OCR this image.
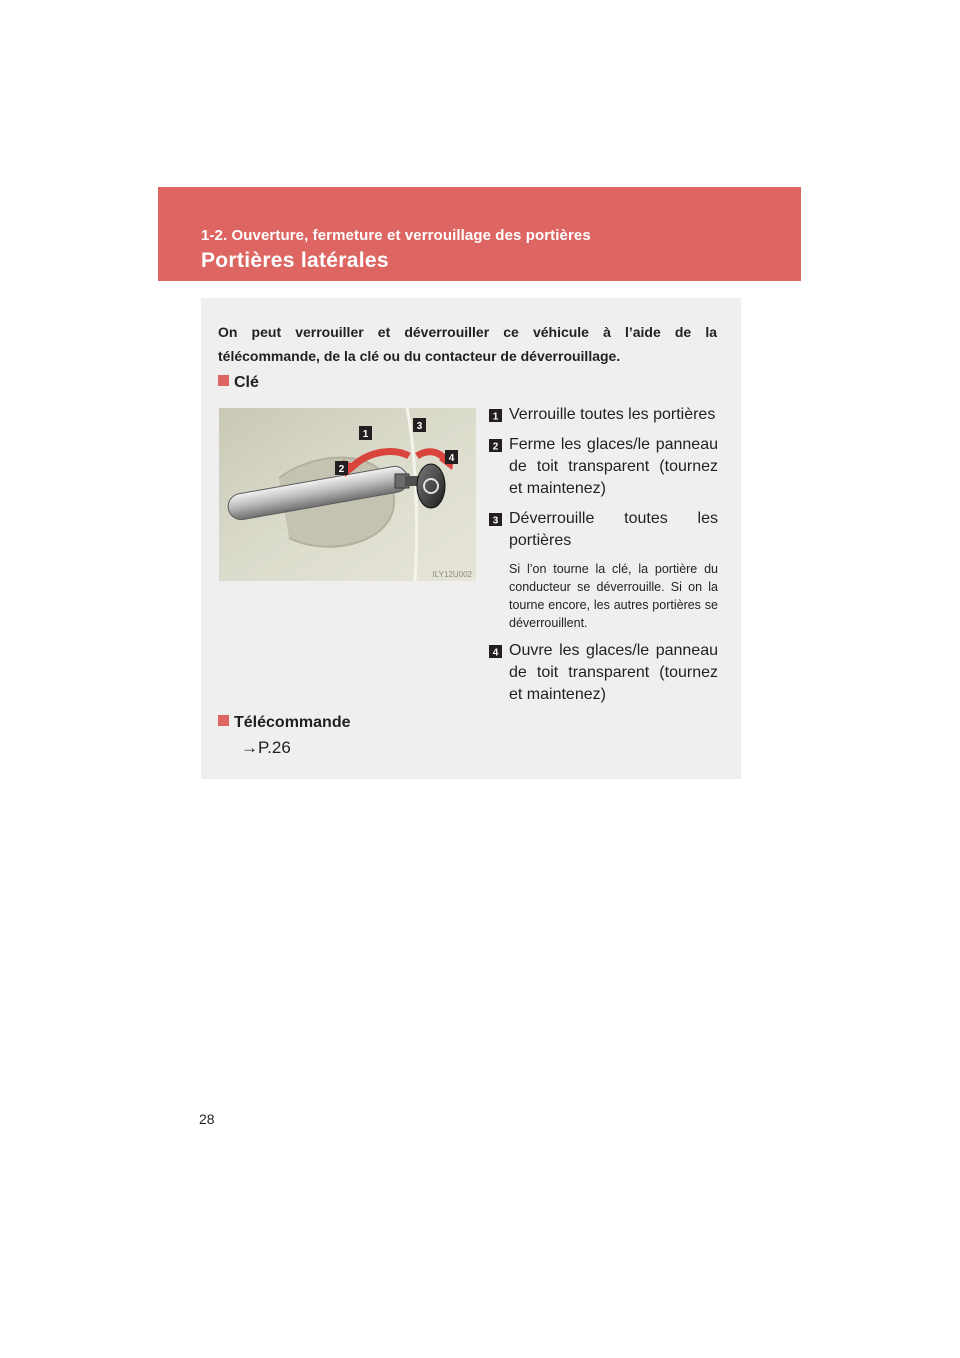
1-2. Ouverture, fermeture et verrouillage des portières
Portières latérales
On peut verrouiller et déverrouiller ce véhicule à l’aide de la télécommande, de la clé ou du contacteur de déverrouillage.
Clé
1
2
3
4
ILY12U002
1 Verrouille toutes les portières
2 Ferme les glaces/le panneau de toit transparent (tournez et maintenez)
3 Déverrouille toutes les portières
Si l’on tourne la clé, la portière du conducteur se déverrouille. Si on la tourne encore, les autres portières se déverrouillent.
4 Ouvre les glaces/le panneau de toit transparent (tournez et maintenez)
Télécommande
→P.26
28
